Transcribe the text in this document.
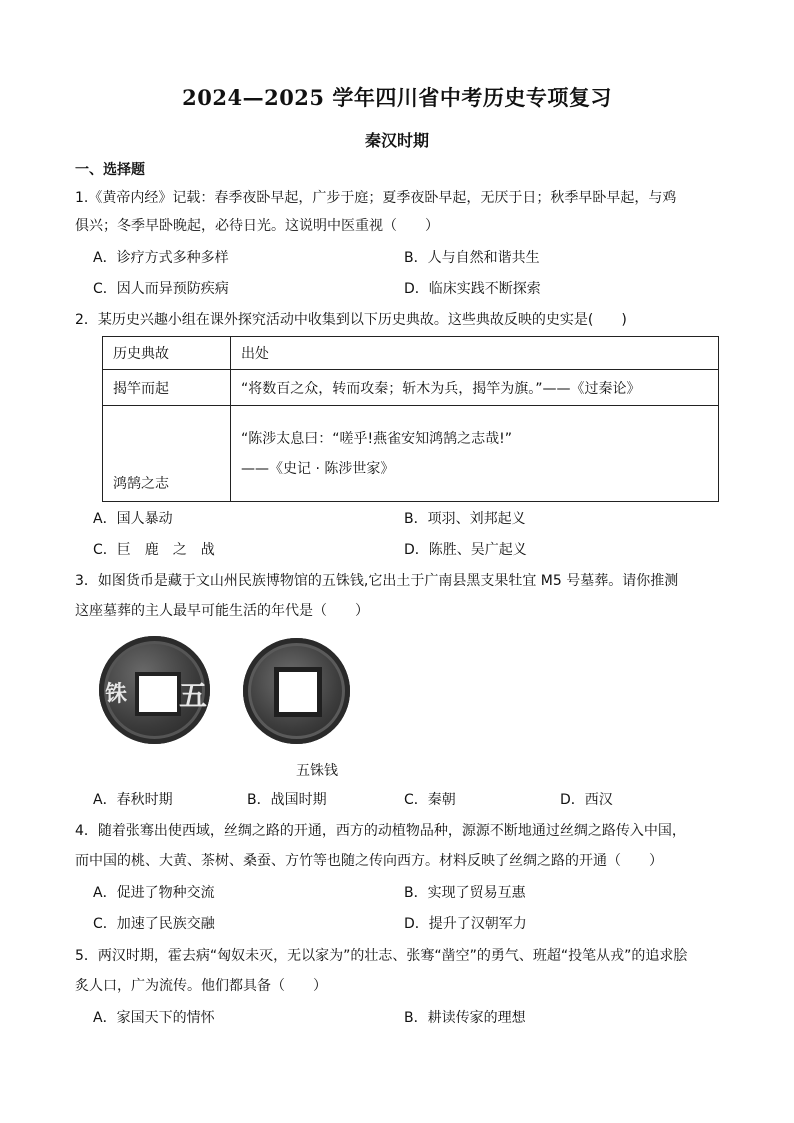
2024—2025 学年四川省中考历史专项复习
秦汉时期
一、选择题
1.《黄帝内经》记载：春季夜卧早起，广步于庭；夏季夜卧早起，无厌于日；秋季早卧早起，与鸡
俱兴；冬季早卧晚起，必待日光。这说明中医重视（　　）
A．诊疗方式多种多样	B．人与自然和谐共生
C．因人而异预防疾病	D．临床实践不断探索
2．某历史兴趣小组在课外探究活动中收集到以下历史典故。这些典故反映的史实是(　　)
历史典故	出处
揭竿而起	“将数百之众，转而攻秦；斩木为兵，揭竿为旗。”——《过秦论》
鸿鹄之志	“陈涉太息曰：“嗟乎!燕雀安知鸿鹄之志哉!”
——《史记 · 陈涉世家》
A．国人暴动	B．项羽、刘邦起义
C．巨　鹿　之　战	D．陈胜、吴广起义
3．如图货币是藏于文山州民族博物馆的五铢钱,它出土于广南县黑支果牡宜 M5 号墓葬。请你推测
这座墓葬的主人最早可能生活的年代是（　　）
铢 五
五铢钱
A．春秋时期	B．战国时期	C．秦朝	D．西汉
4．随着张骞出使西域，丝绸之路的开通，西方的动植物品种，源源不断地通过丝绸之路传入中国，
而中国的桃、大黄、茶树、桑蚕、方竹等也随之传向西方。材料反映了丝绸之路的开通（　　）
A．促进了物种交流	B．实现了贸易互惠
C．加速了民族交融	D．提升了汉朝军力
5．两汉时期，霍去病“匈奴未灭，无以家为”的壮志、张骞“凿空”的勇气、班超“投笔从戎”的追求脍
炙人口，广为流传。他们都具备（　　）
A．家国天下的情怀	B．耕读传家的理想
